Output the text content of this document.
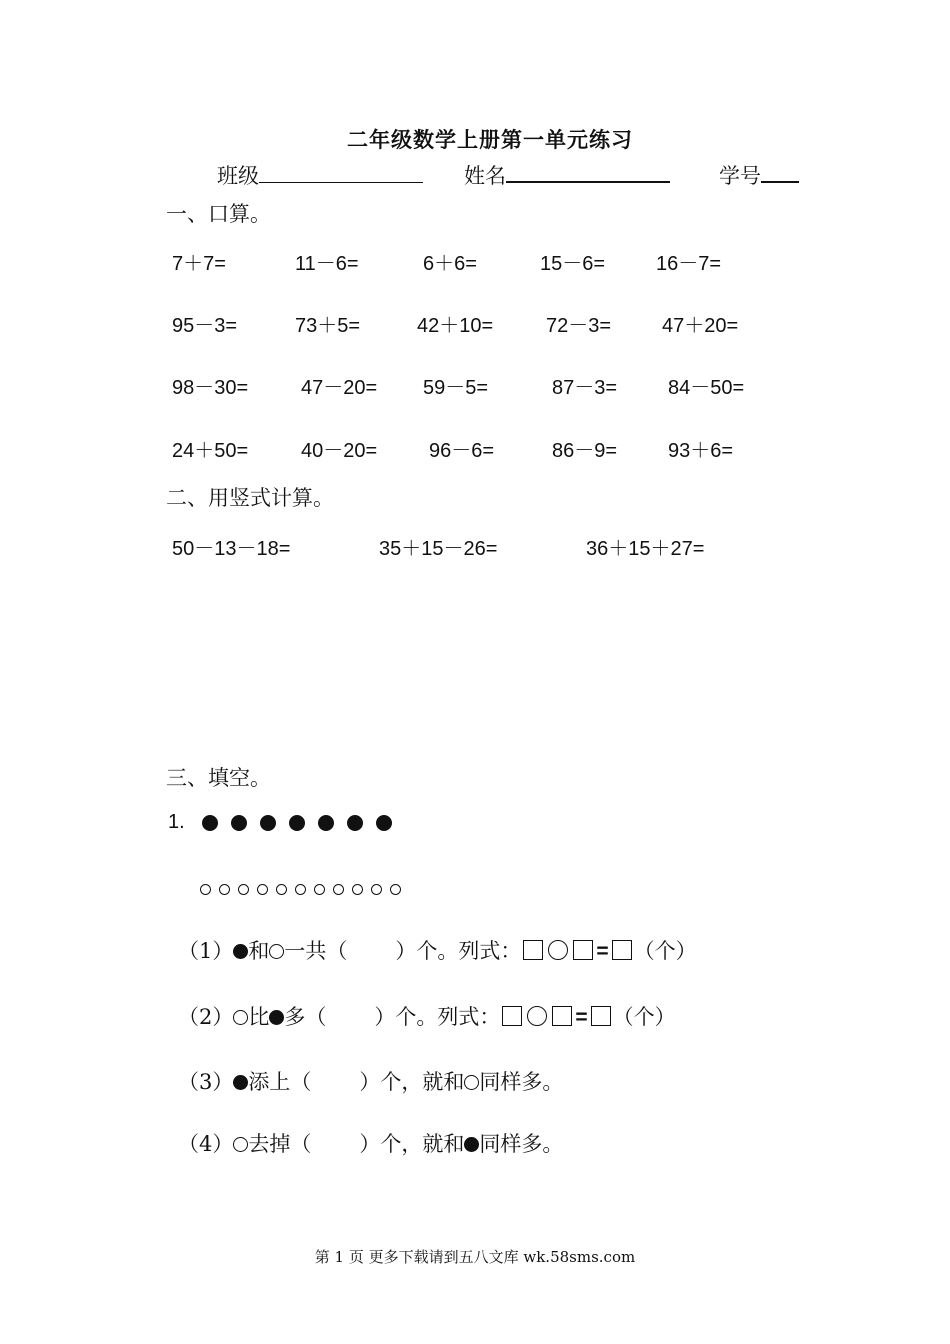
二年级数学上册第一单元练习
班级	姓名	学号
一、口算。
7＋7=	11－6=	6＋6=	15－6=	16－7=
95－3=	73＋5=	42＋10=	72－3=	47＋20=
98－30=	47－20= 59－5=	87－3=	84－50=
24＋50=	40－20=	96－6=	86－9=	93＋6=
二、用竖式计算。
50－13－18=	35＋15－26=	36＋15＋27=
三、填空。
1.
（1） 和 一共（ ）个。列式：	= （个）
（2） 比 多（ ）个。列式：	= （个）
（3） 添上（ ）个，就和 同样多。
（4） 去掉（ ）个，就和 同样多。
第 1 页 更多下载请到五八文库 wk.58sms.com
